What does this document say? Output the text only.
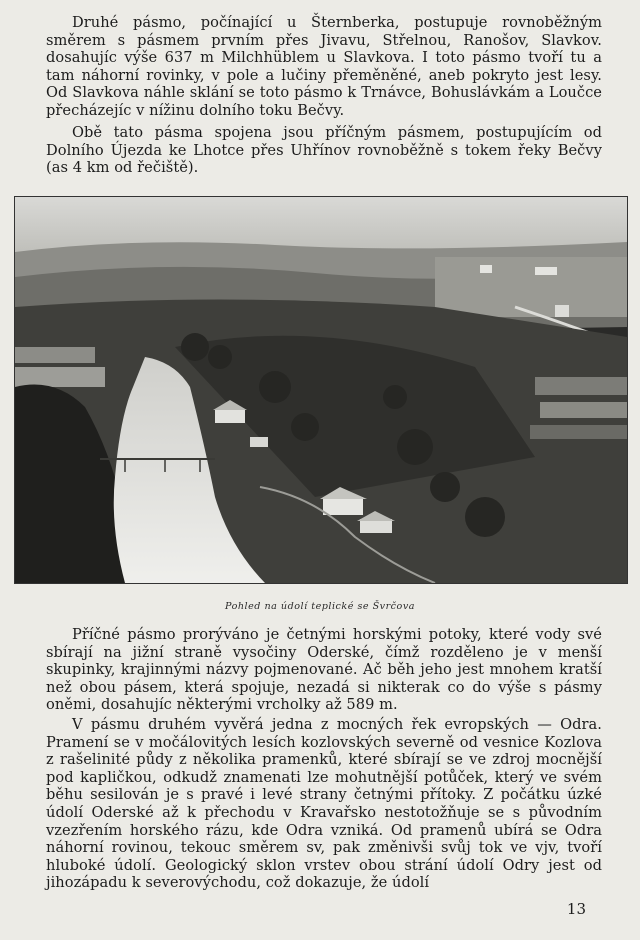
Druhé pásmo, počínající u Šternberka, postupuje rovnoběžným směrem s pásmem prvním přes Jivavu, Střelnou, Ranošov, Slavkov. dosahujíc výše 637 m Milchhüblem u Slavkova. I toto pásmo tvoří tu a tam náhorní rovinky, v pole a lučiny přeměněné, aneb pokryto jest lesy. Od Slavkova náhle sklání se toto pásmo k Trnávce, Bohuslávkám a Loučce přecházejíc v nížinu dolního toku Bečvy.

Obě tato pásma spojena jsou příčným pásmem, postupujícím od Dolního Újezda ke Lhotce přes Uhřínov rovnoběžně s tokem řeky Bečvy (as 4 km od řečiště).

Pohled na údolí teplické se Švrčova

Příčné pásmo prorýváno je četnými horskými potoky, které vody své sbírají na jižní straně vysočiny Oderské, čímž rozděleno je v menší skupinky, krajinnými názvy pojmenované. Ač běh jeho jest mnohem kratší než obou pásem, která spojuje, nezadá si nikterak co do výše s pásmy oněmi, dosahujíc některými vrcholky až 589 m.

V pásmu druhém vyvěrá jedna z mocných řek evropských — Odra. Pramení se v močálovitých lesích kozlovských severně od vesnice Kozlova z rašelinité půdy z několika pramenků, které sbírají se ve zdroj mocnější pod kapličkou, odkudž znamenati lze mohutnější potůček, který ve svém běhu sesilován je s pravé i levé strany četnými přítoky. Z počátku úzké údolí Oderské až k přechodu v Kravařsko nestotožňuje se s původním vzezřením horského rázu, kde Odra vzniká. Od pramenů ubírá se Odra náhorní rovinou, tekouc směrem sv, pak změnivši svůj tok ve vjv, tvoří hluboké údolí. Geologický sklon vrstev obou strání údolí Odry jest od jihozápadu k severovýchodu, což dokazuje, že údolí

13
